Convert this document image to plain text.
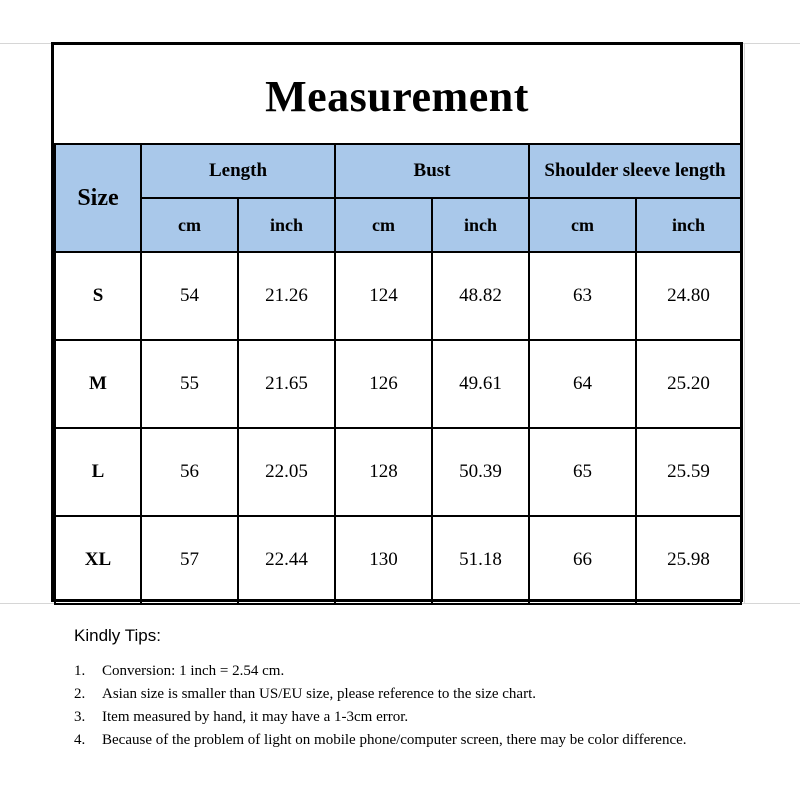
Measurement
Size	Length		Bust		Shoulder sleeve length	
	cm	inch	cm	inch	cm	inch
S	54	21.26	124	48.82	63	24.80
M	55	21.65	126	49.61	64	25.20
L	56	22.05	128	50.39	65	25.59
XL	57	22.44	130	51.18	66	25.98
Kindly Tips:
1. Conversion: 1 inch = 2.54 cm.
2. Asian size is smaller than US/EU size, please reference to the size chart.
3. Item measured by hand, it may have a 1-3cm error.
4. Because of the problem of light on mobile phone/computer screen, there may be color difference.
